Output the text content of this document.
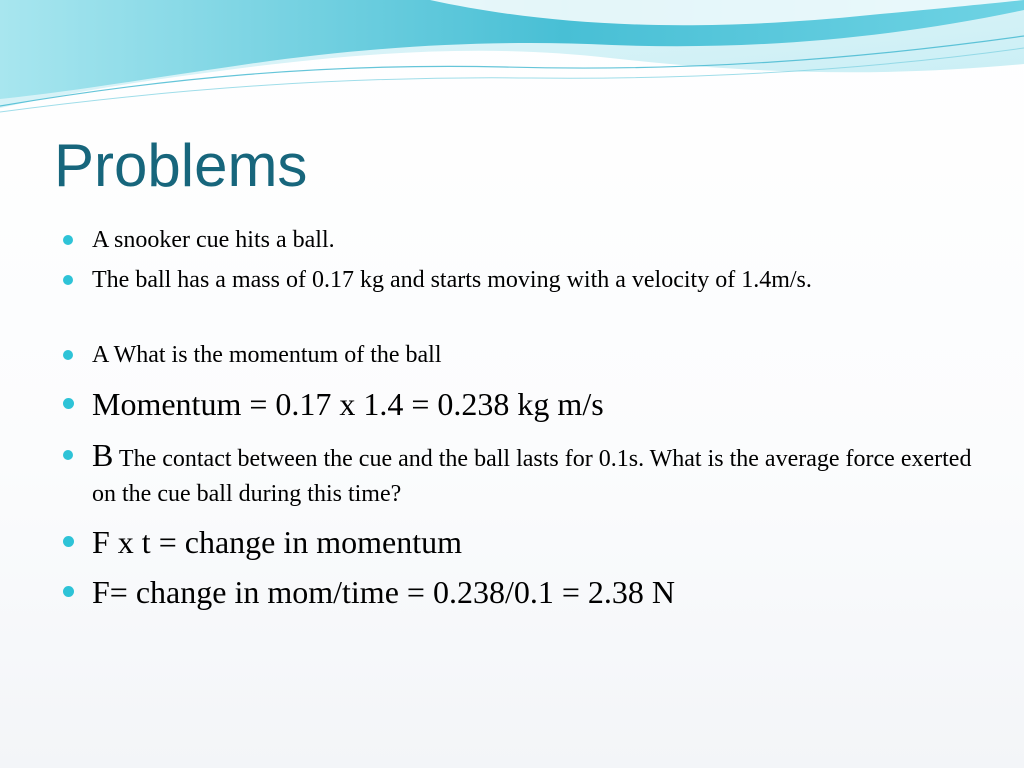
Problems
A snooker cue hits a ball.
The ball has a mass of 0.17 kg and starts moving with a velocity of 1.4m/s.
A What is the momentum of the ball
Momentum = 0.17 x 1.4 = 0.238 kg m/s
B The contact between the cue and the ball lasts for 0.1s. What is the average force exerted on the cue ball during this time?
F x t = change in momentum
F= change in mom/time = 0.238/0.1 = 2.38 N
